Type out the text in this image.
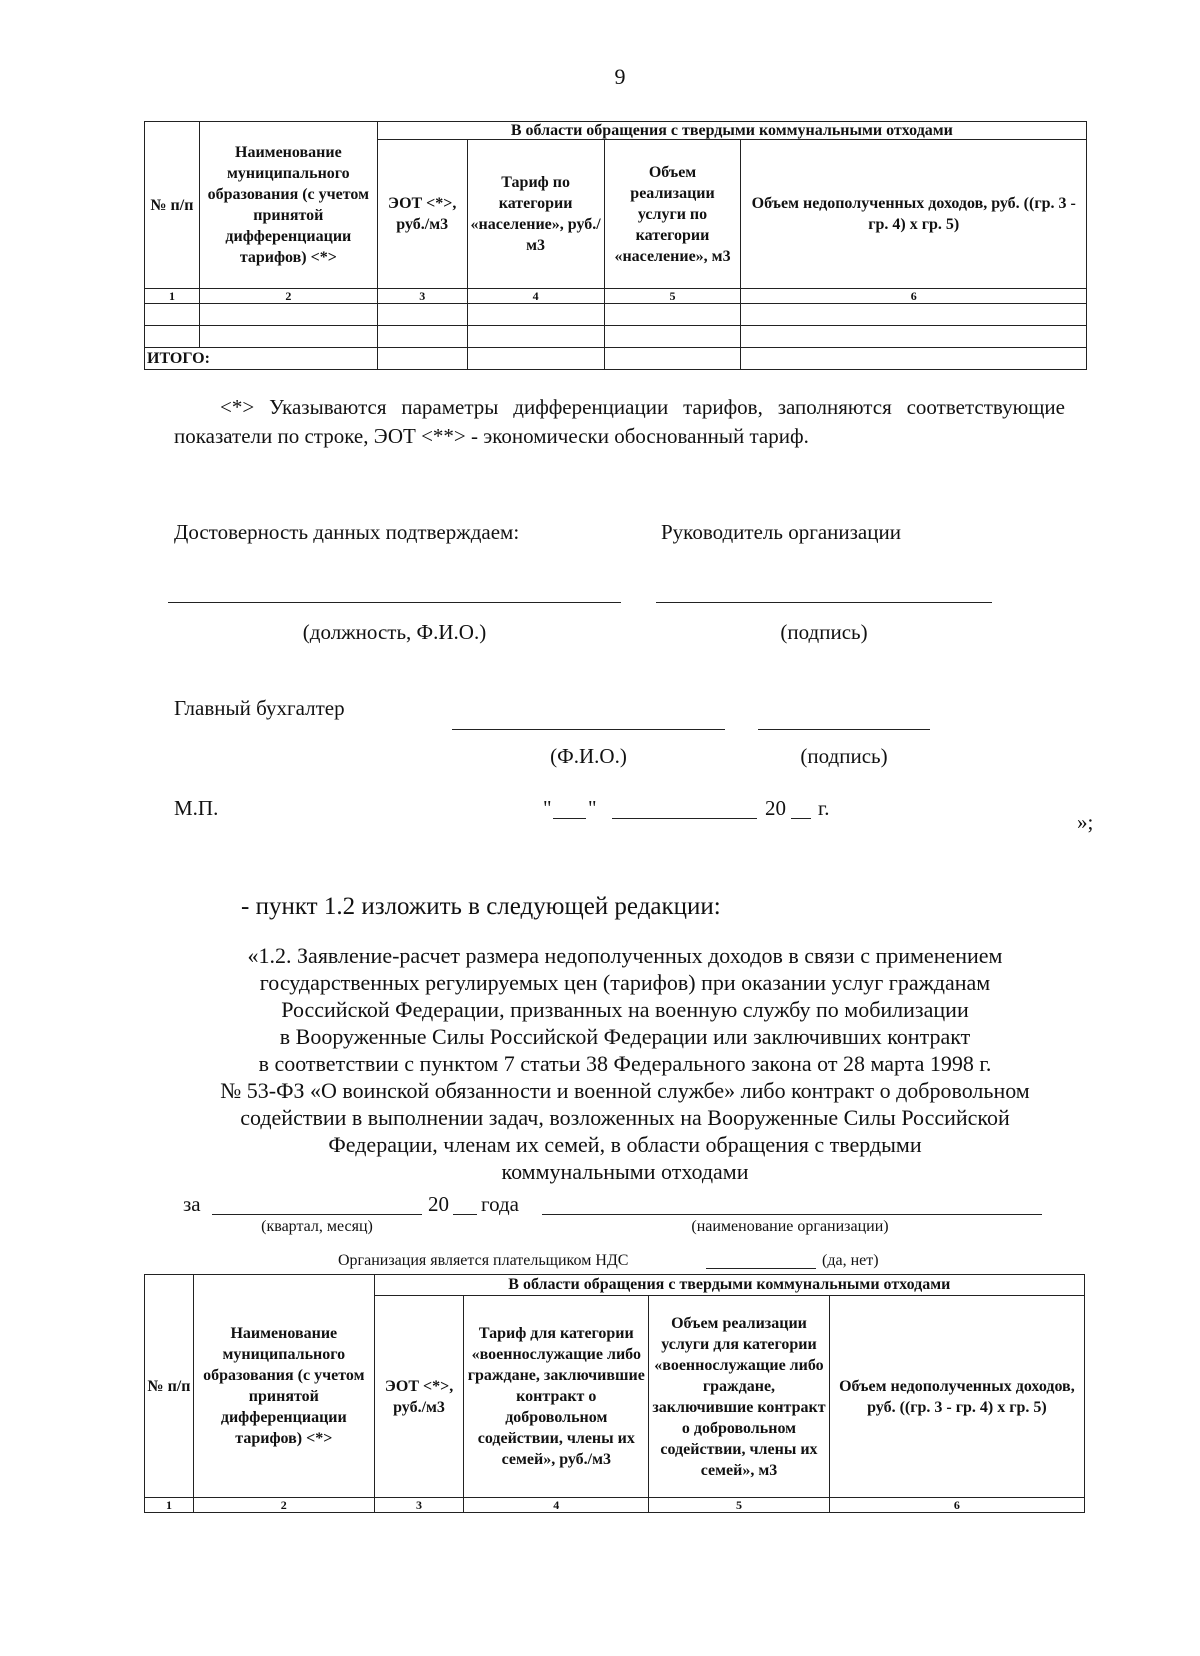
9
№ п/п	Наименование муниципального образования (с учетом принятой дифференциации тарифов) <*>	В области обращения с твердыми коммунальными отходами			
		ЭОТ <*>, руб./м3	Тариф по категории «население», руб./м3	Объем реализации услуги по категории «население», м3	Объем недополученных доходов, руб. ((гр. 3 - гр. 4) х гр. 5)
1	2	3	4	5	6

ИТОГО:					
<*> Указываются параметры дифференциации тарифов, заполняются соответствующие показатели по строке, ЭОТ <**> - экономически обоснованный тариф.
Достоверность данных подтверждаем:	Руководитель организации
(должность, Ф.И.О.)	(подпись)
Главный бухгалтер
(Ф.И.О.)	(подпись)
М.П.	" "	20 г.
»;
- пункт 1.2 изложить в следующей редакции:
«1.2. Заявление-расчет размера недополученных доходов в связи с применением
государственных регулируемых цен (тарифов) при оказании услуг гражданам
Российской Федерации, призванных на военную службу по мобилизации
в Вооруженные Силы Российской Федерации или заключивших контракт
в соответствии с пунктом 7 статьи 38 Федерального закона от 28 марта 1998 г.
№ 53-ФЗ «О воинской обязанности и военной службе» либо контракт о добровольном
содействии в выполнении задач, возложенных на Вооруженные Силы Российской
Федерации, членам их семей, в области обращения с твердыми
коммунальными отходами
за	20 года
(квартал, месяц)	(наименование организации)
Организация является плательщиком НДС	(да, нет)
№ п/п	Наименование муниципального образования (с учетом принятой дифференциации тарифов) <*>	В области обращения с твердыми коммунальными отходами			
		ЭОТ <*>, руб./м3	Тариф для категории «военнослужащие либо граждане, заключившие контракт о добровольном содействии, члены их семей», руб./м3	Объем реализации услуги для категории «военнослужащие либо граждане, заключившие контракт о добровольном содействии, члены их семей», м3	Объем недополученных доходов, руб. ((гр. 3 - гр. 4) х гр. 5)
1	2	3	4	5	6
